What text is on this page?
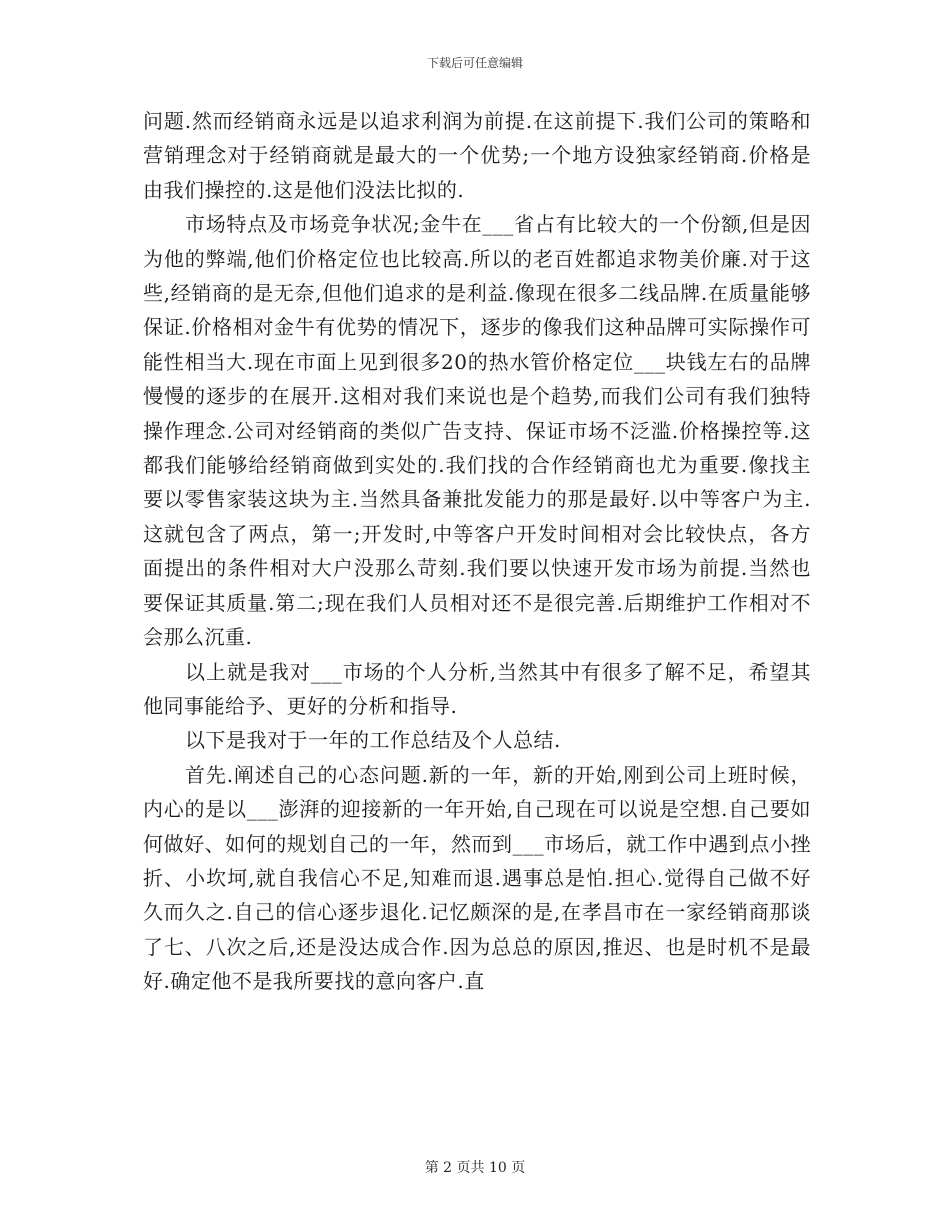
下载后可任意编辑

问题.然而经销商永远是以追求利润为前提.在这前提下.我们公司的策略和营销理念对于经销商就是最大的一个优势;一个地方设独家经销商.价格是由我们操控的.这是他们没法比拟的.

市场特点及市场竞争状况;金牛在___省占有比较大的一个份额,但是因为他的弊端,他们价格定位也比较高.所以的老百姓都追求物美价廉.对于这些,经销商的是无奈,但他们追求的是利益.像现在很多二线品牌.在质量能够保证.价格相对金牛有优势的情况下，逐步的像我们这种品牌可实际操作可能性相当大.现在市面上见到很多20的热水管价格定位___块钱左右的品牌慢慢的逐步的在展开.这相对我们来说也是个趋势,而我们公司有我们独特操作理念.公司对经销商的类似广告支持、保证市场不泛滥.价格操控等.这都我们能够给经销商做到实处的.我们找的合作经销商也尤为重要.像找主要以零售家装这块为主.当然具备兼批发能力的那是最好.以中等客户为主.这就包含了两点，第一;开发时,中等客户开发时间相对会比较快点，各方面提出的条件相对大户没那么苛刻.我们要以快速开发市场为前提.当然也要保证其质量.第二;现在我们人员相对还不是很完善.后期维护工作相对不会那么沉重.

以上就是我对___市场的个人分析,当然其中有很多了解不足，希望其他同事能给予、更好的分析和指导.

以下是我对于一年的工作总结及个人总结.

首先.阐述自己的心态问题.新的一年，新的开始,刚到公司上班时候，内心的是以___澎湃的迎接新的一年开始,自己现在可以说是空想.自己要如何做好、如何的规划自己的一年，然而到___市场后，就工作中遇到点小挫折、小坎坷,就自我信心不足,知难而退.遇事总是怕.担心.觉得自己做不好久而久之.自己的信心逐步退化.记忆颇深的是,在孝昌市在一家经销商那谈了七、八次之后,还是没达成合作.因为总总的原因,推迟、也是时机不是最好.确定他不是我所要找的意向客户.直

第 2 页共 10 页
